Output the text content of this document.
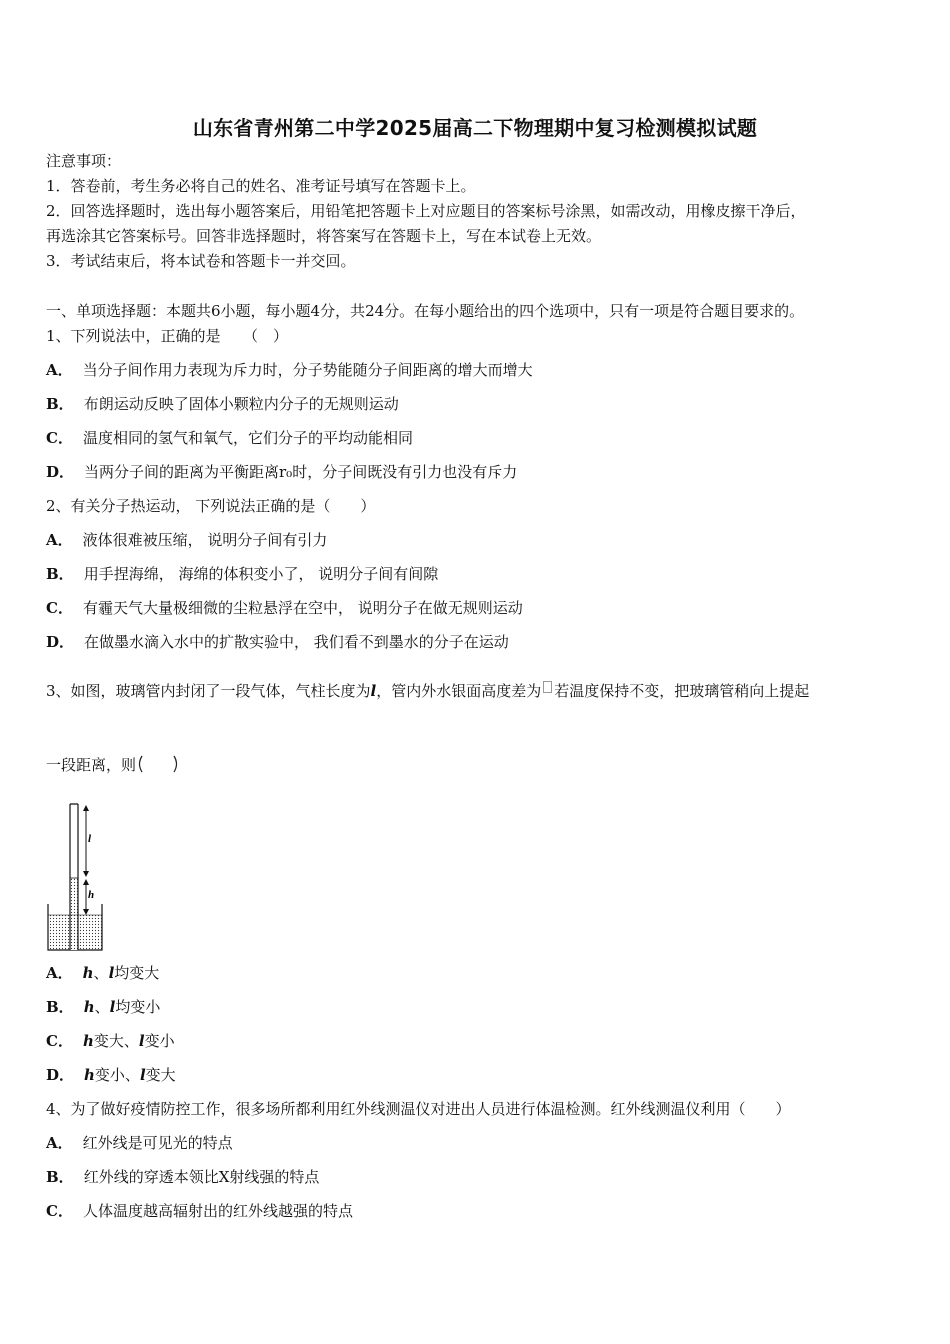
山东省青州第二中学2025届高二下物理期中复习检测模拟试题
注意事项：
1．答卷前，考生务必将自己的姓名、准考证号填写在答题卡上。
2．回答选择题时，选出每小题答案后，用铅笔把答题卡上对应题目的答案标号涂黑，如需改动，用橡皮擦干净后，
再选涂其它答案标号。回答非选择题时，将答案写在答题卡上，写在本试卷上无效。
3．考试结束后，将本试卷和答题卡一并交回。
一、单项选择题：本题共6小题，每小题4分，共24分。在每小题给出的四个选项中，只有一项是符合题目要求的。
1、下列说法中，正确的是　　（　）
A． 当分子间作用力表现为斥力时，分子势能随分子间距离的增大而增大
B． 布朗运动反映了固体小颗粒内分子的无规则运动
C． 温度相同的氢气和氧气，它们分子的平均动能相同
D． 当两分子间的距离为平衡距离r₀时，分子间既没有引力也没有斥力
2、有关分子热运动， 下列说法正确的是（　　）
A． 液体很难被压缩， 说明分子间有引力
B． 用手捏海绵， 海绵的体积变小了， 说明分子间有间隙
C． 有霾天气大量极细微的尘粒悬浮在空中， 说明分子在做无规则运动
D． 在做墨水滴入水中的扩散实验中， 我们看不到墨水的分子在运动
3、如图，玻璃管内封闭了一段气体，气柱长度为l，管内外水银面高度差为 若温度保持不变，把玻璃管稍向上提起
一段距离，则
l
h
A． h、l均变大
B． h、l均变小
C． h变大、l变小
D． h变小、l变大
4、为了做好疫情防控工作，很多场所都利用红外线测温仪对进出人员进行体温检测。红外线测温仪利用（　　）
A． 红外线是可见光的特点
B． 红外线的穿透本领比X射线强的特点
C． 人体温度越高辐射出的红外线越强的特点
